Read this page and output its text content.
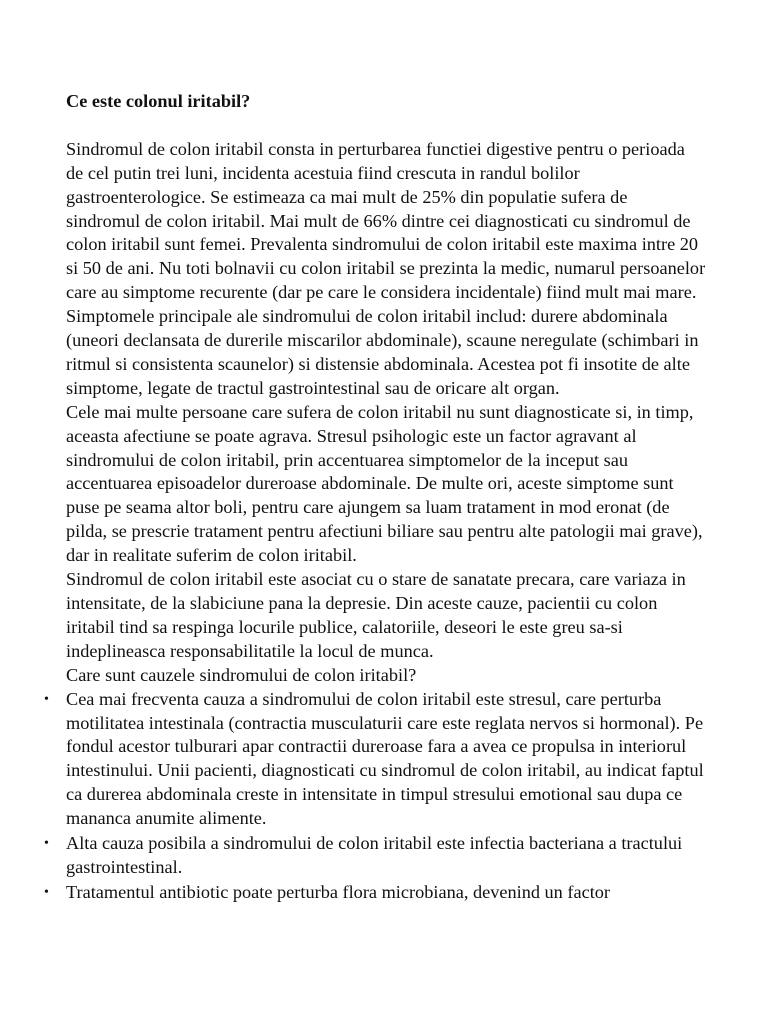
Ce este colonul iritabil?

Sindromul de colon iritabil consta in perturbarea functiei digestive pentru o perioada de cel putin trei luni, incidenta acestuia fiind crescuta in randul bolilor gastroenterologice. Se estimeaza ca mai mult de 25% din populatie sufera de sindromul de colon iritabil. Mai mult de 66% dintre cei diagnosticati cu sindromul de colon iritabil sunt femei. Prevalenta sindromului de colon iritabil este maxima intre 20 si 50 de ani. Nu toti bolnavii cu colon iritabil se prezinta la medic, numarul persoanelor care au simptome recurente (dar pe care le considera incidentale) fiind mult mai mare.

Simptomele principale ale sindromului de colon iritabil includ: durere abdominala (uneori declansata de durerile miscarilor abdominale), scaune neregulate (schimbari in ritmul si consistenta scaunelor) si distensie abdominala. Acestea pot fi insotite de alte simptome, legate de tractul gastrointestinal sau de oricare alt organ.

Cele mai multe persoane care sufera de colon iritabil nu sunt diagnosticate si, in timp, aceasta afectiune se poate agrava. Stresul psihologic este un factor agravant al sindromului de colon iritabil, prin accentuarea simptomelor de la inceput sau accentuarea episoadelor dureroase abdominale. De multe ori, aceste simptome sunt puse pe seama altor boli, pentru care ajungem sa luam tratament in mod eronat (de pilda, se prescrie tratament pentru afectiuni biliare sau pentru alte patologii mai grave), dar in realitate suferim de colon iritabil.

Sindromul de colon iritabil este asociat cu o stare de sanatate precara, care variaza in intensitate, de la slabiciune pana la depresie. Din aceste cauze, pacientii cu colon iritabil tind sa respinga locurile publice, calatoriile, deseori le este greu sa-si indeplineasca responsabilitatile la locul de munca.

Care sunt cauzele sindromului de colon iritabil?

• Cea mai frecventa cauza a sindromului de colon iritabil este stresul, care perturba motilitatea intestinala (contractia musculaturii care este reglata nervos si hormonal). Pe fondul acestor tulburari apar contractii dureroase fara a avea ce propulsa in interiorul intestinului. Unii pacienti, diagnosticati cu sindromul de colon iritabil, au indicat faptul ca durerea abdominala creste in intensitate in timpul stresului emotional sau dupa ce mananca anumite alimente.
• Alta cauza posibila a sindromului de colon iritabil este infectia bacteriana a tractului gastrointestinal.
• Tratamentul antibiotic poate perturba flora microbiana, devenind un factor
